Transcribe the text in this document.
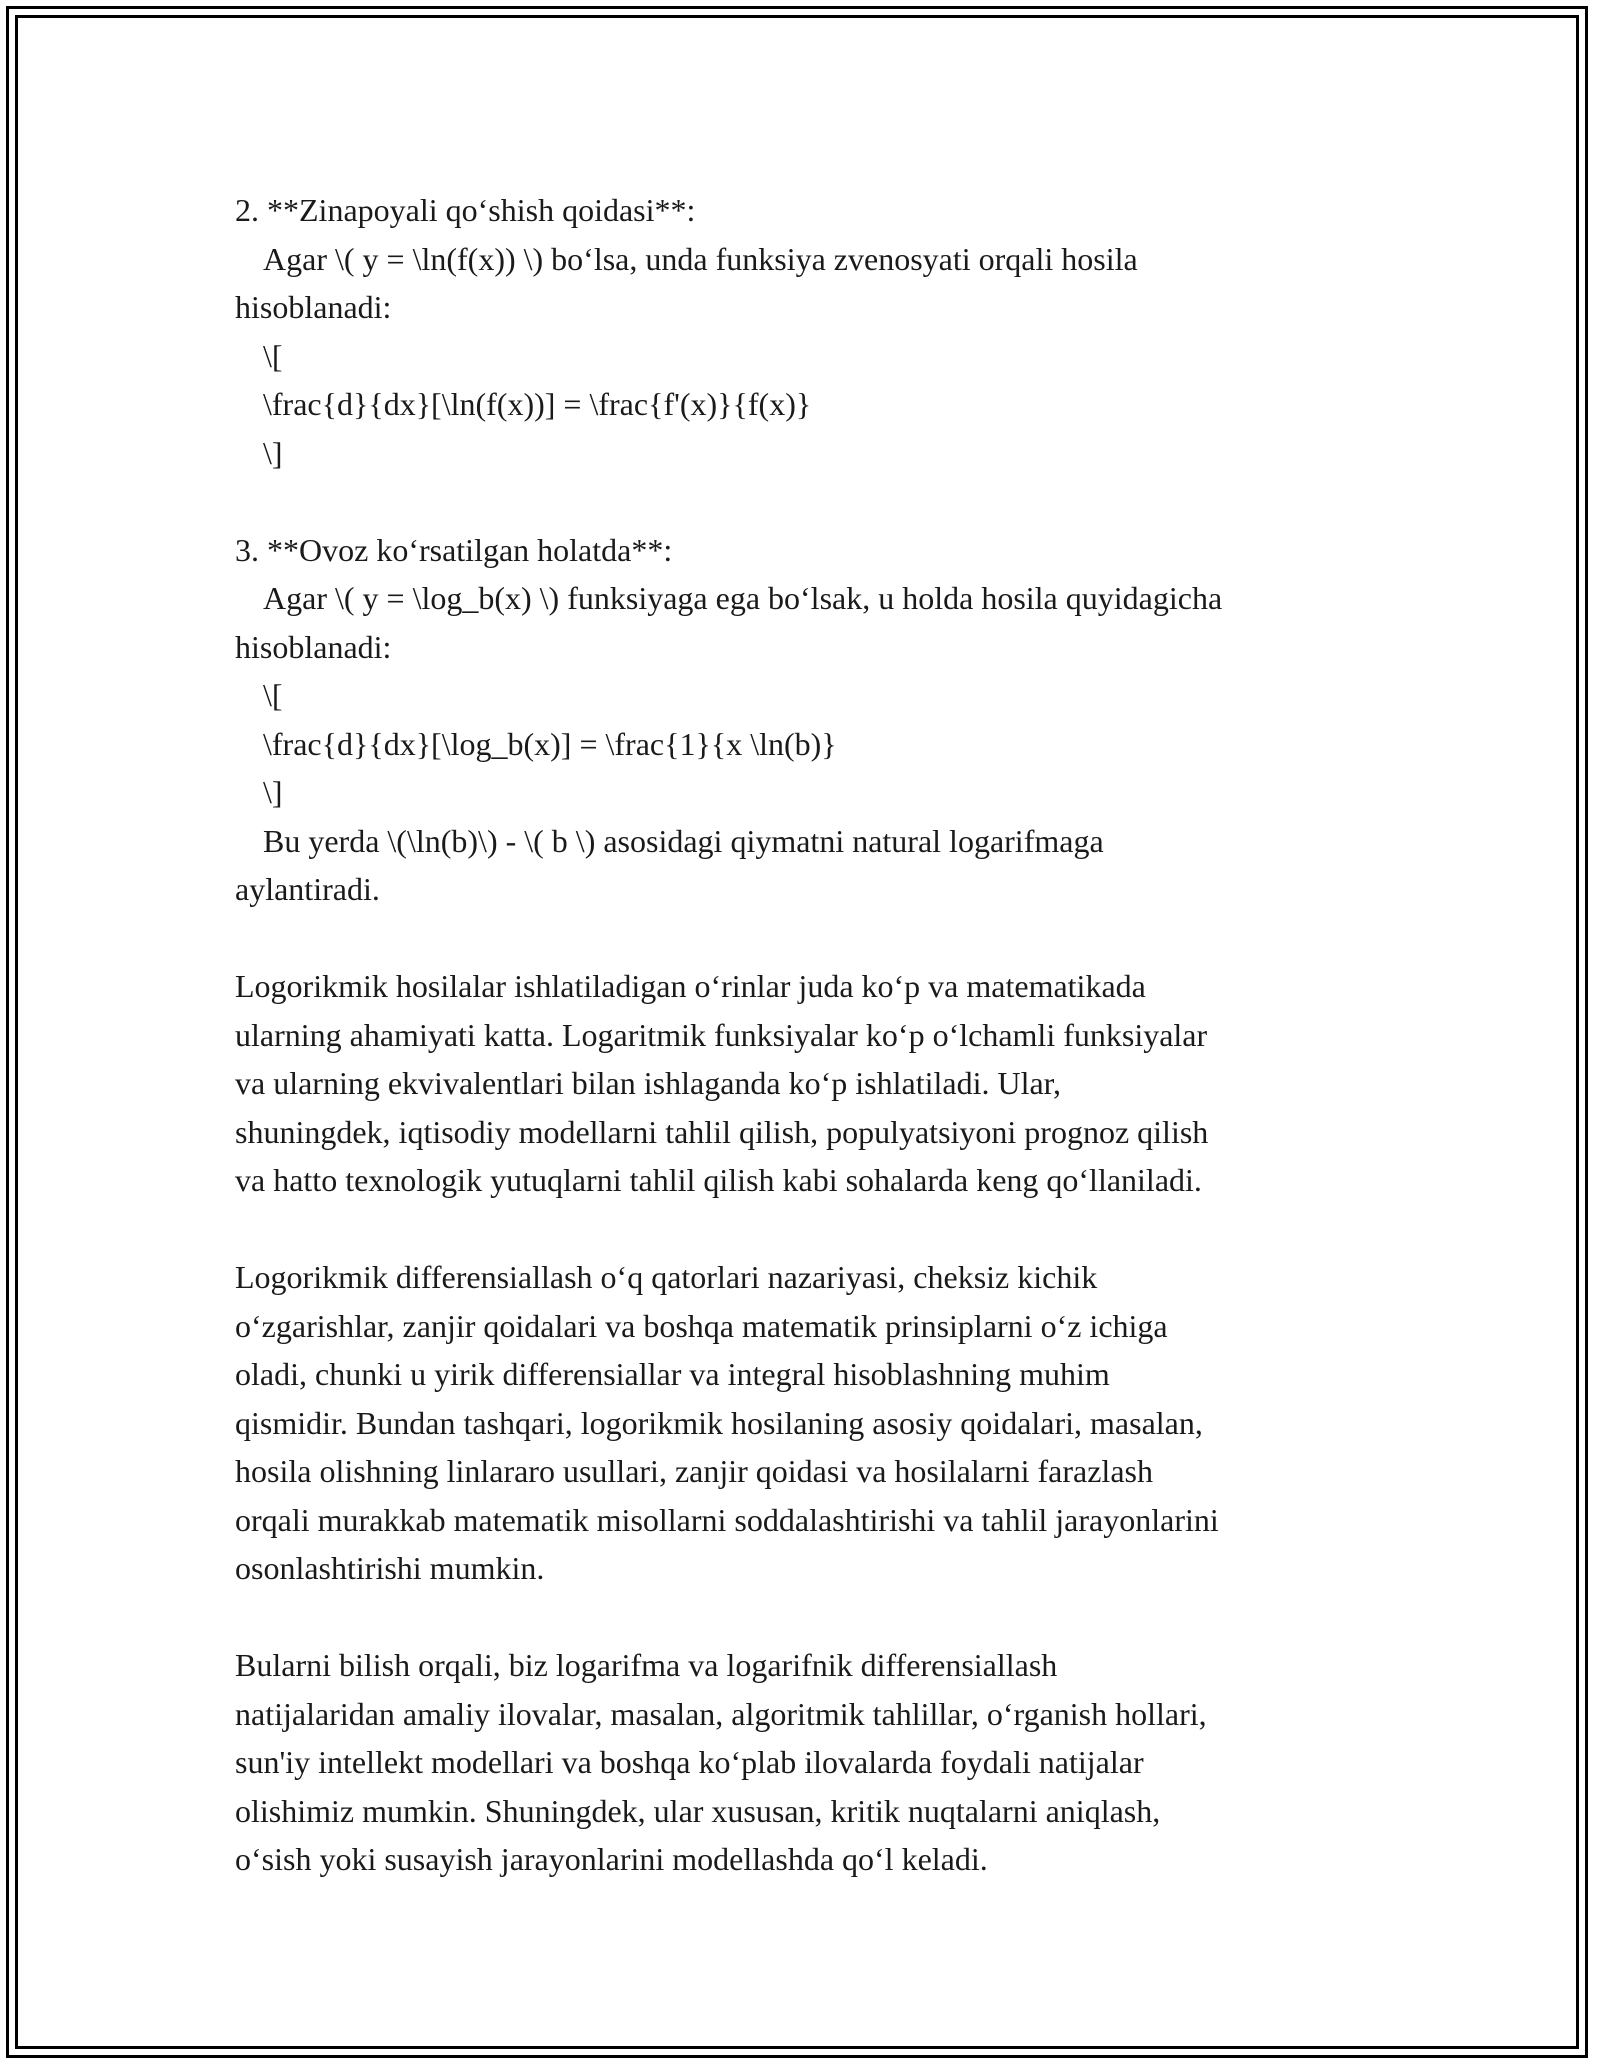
2. **Zinapoyali qo‘shish qoidasi**:
Agar \( y = \ln(f(x)) \) bo‘lsa, unda funksiya zvenosyati orqali hosila
hisoblanadi:
\[
\frac{d}{dx}[\ln(f(x))] = \frac{f'(x)}{f(x)}
\]
3. **Ovoz ko‘rsatilgan holatda**:
Agar \( y = \log_b(x) \) funksiyaga ega bo‘lsak, u holda hosila quyidagicha
hisoblanadi:
\[
\frac{d}{dx}[\log_b(x)] = \frac{1}{x \ln(b)}
\]
Bu yerda \(\ln(b)\) - \( b \) asosidagi qiymatni natural logarifmaga
aylantiradi.
Logorikmik hosilalar ishlatiladigan o‘rinlar juda ko‘p va matematikada
ularning ahamiyati katta. Logaritmik funksiyalar ko‘p o‘lchamli funksiyalar
va ularning ekvivalentlari bilan ishlaganda ko‘p ishlatiladi. Ular,
shuningdek, iqtisodiy modellarni tahlil qilish, populyatsiyoni prognoz qilish
va hatto texnologik yutuqlarni tahlil qilish kabi sohalarda keng qo‘llaniladi.
Logorikmik differensiallash o‘q qatorlari nazariyasi, cheksiz kichik
o‘zgarishlar, zanjir qoidalari va boshqa matematik prinsiplarni o‘z ichiga
oladi, chunki u yirik differensiallar va integral hisoblashning muhim
qismidir. Bundan tashqari, logorikmik hosilaning asosiy qoidalari, masalan,
hosila olishning linlararo usullari, zanjir qoidasi va hosilalarni farazlash
orqali murakkab matematik misollarni soddalashtirishi va tahlil jarayonlarini
osonlashtirishi mumkin.
Bularni bilish orqali, biz logarifma va logarifnik differensiallash
natijalaridan amaliy ilovalar, masalan, algoritmik tahlillar, o‘rganish hollari,
sun'iy intellekt modellari va boshqa ko‘plab ilovalarda foydali natijalar
olishimiz mumkin. Shuningdek, ular xususan, kritik nuqtalarni aniqlash,
o‘sish yoki susayish jarayonlarini modellashda qo‘l keladi.
